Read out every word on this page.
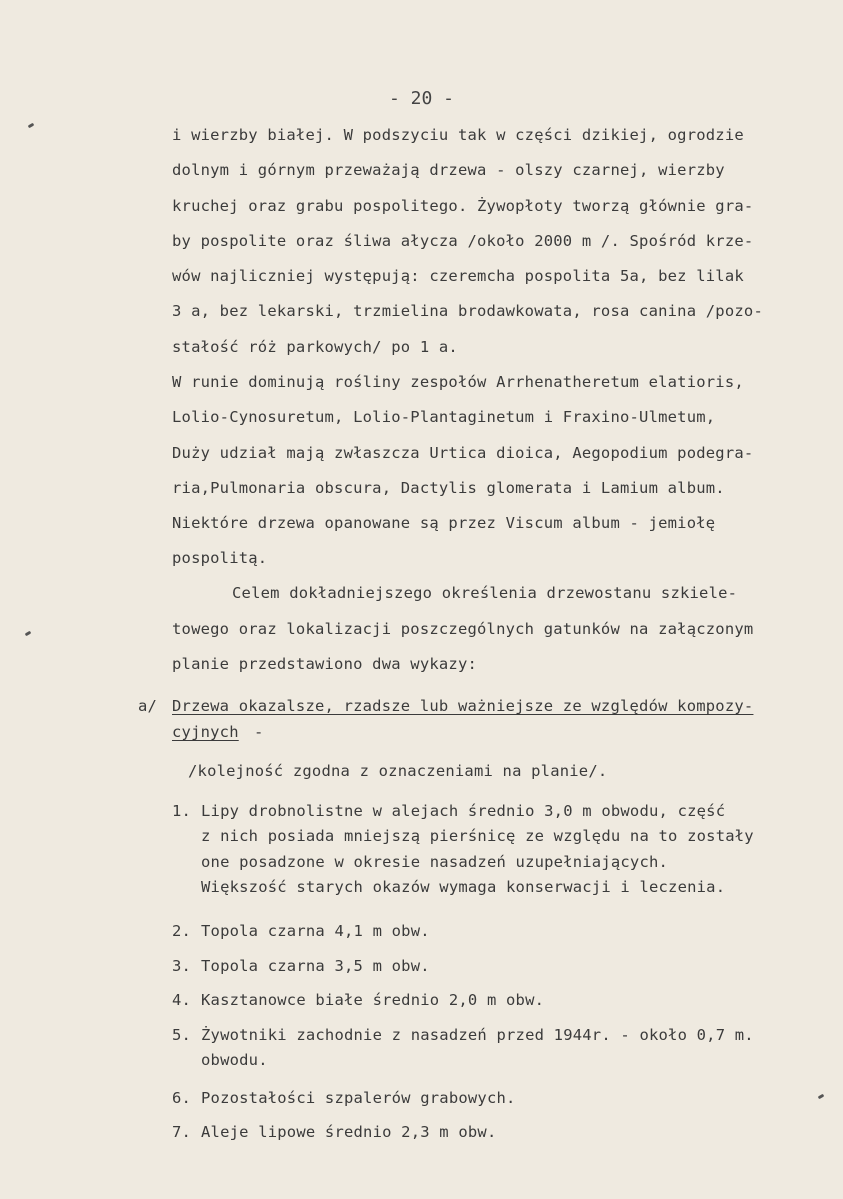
- 20 -
i wierzby białej. W podszyciu tak w części dzikiej, ogrodzie
dolnym i górnym przeważają drzewa - olszy czarnej, wierzby
kruchej oraz grabu pospolitego. Żywopłoty tworzą głównie gra-
by pospolite oraz śliwa ałycza /około 2000 m /. Spośród krze-
wów najliczniej występują: czeremcha pospolita 5a, bez lilak
3 a, bez lekarski, trzmielina brodawkowata, rosa canina /pozo-
stałość róż parkowych/ po 1 a.
W runie dominują rośliny zespołów Arrhenatheretum elatioris,
Lolio-Cynosuretum, Lolio-Plantaginetum i Fraxino-Ulmetum,
Duży udział mają zwłaszcza Urtica dioica, Aegopodium podegra-
ria,Pulmonaria obscura, Dactylis glomerata i Lamium album.
Niektóre drzewa opanowane są przez Viscum album - jemiołę
pospolitą.
Celem dokładniejszego określenia drzewostanu szkiele-
towego oraz lokalizacji poszczególnych gatunków na załączonym
planie przedstawiono dwa wykazy:
a/ Drzewa okazalsze, rzadsze lub ważniejsze ze względów kompozy-
cyjnych -
/kolejność zgodna z oznaczeniami na planie/.
1. Lipy drobnolistne w alejach średnio 3,0 m obwodu, część
z nich posiada mniejszą pierśnicę ze względu na to zostały
one posadzone w okresie nasadzeń uzupełniających.
Większość starych okazów wymaga konserwacji i leczenia.
2. Topola czarna 4,1 m obw.
3. Topola czarna 3,5 m obw.
4. Kasztanowce białe średnio 2,0 m obw.
5. Żywotniki zachodnie z nasadzeń przed 1944r. - około 0,7 m.
obwodu.
6. Pozostałości szpalerów grabowych.
7. Aleje lipowe średnio 2,3 m obw.
